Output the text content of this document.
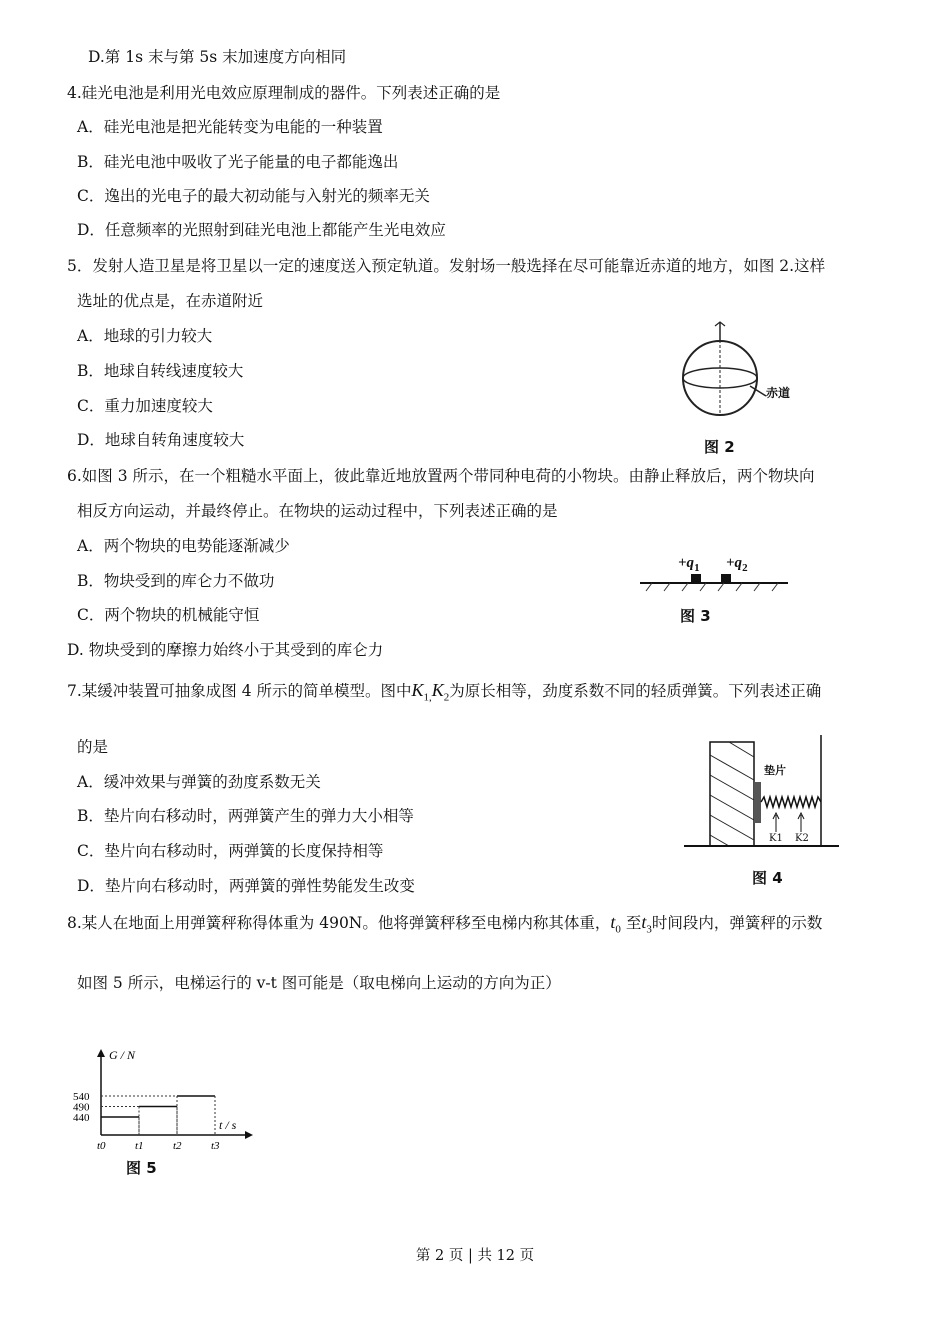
D.第 1s 末与第 5s 末加速度方向相同
4.硅光电池是利用光电效应原理制成的器件。下列表述正确的是
A．硅光电池是把光能转变为电能的一种装置
B．硅光电池中吸收了光子能量的电子都能逸出
C．逸出的光电子的最大初动能与入射光的频率无关
D．任意频率的光照射到硅光电池上都能产生光电效应
5．发射人造卫星是将卫星以一定的速度送入预定轨道。发射场一般选择在尽可能靠近赤道的地方，如图 2.这样
选址的优点是，在赤道附近
A．地球的引力较大
B．地球自转线速度较大
C．重力加速度较大
D．地球自转角速度较大
赤道
图 2
6.如图 3 所示，在一个粗糙水平面上，彼此靠近地放置两个带同种电荷的小物块。由静止释放后，两个物块向
相反方向运动，并最终停止。在物块的运动过程中，下列表述正确的是
A．两个物块的电势能逐渐减少
B．物块受到的库仑力不做功
C．两个物块的机械能守恒
D. 物块受到的摩擦力始终小于其受到的库仑力
$+q_1 +q_2$
图 3
7.某缓冲装置可抽象成图 4 所示的简单模型。图中$K_{1,}K_2$为原长相等，劲度系数不同的轻质弹簧。下列表述正确
的是
A．缓冲效果与弹簧的劲度系数无关
B．垫片向右移动时，两弹簧产生的弹力大小相等
C．垫片向右移动时，两弹簧的长度保持相等
D．垫片向右移动时，两弹簧的弹性势能发生改变
垫片
K1 K2
图 4
8.某人在地面上用弹簧秤称得体重为 490N。他将弹簧秤移至电梯内称其体重，$t_0$ 至$t_3$时间段内，弹簧秤的示数
如图 5 所示，电梯运行的 v-t 图可能是（取电梯向上运动的方向为正）
G / N
t / s
t0	t1	t2	t3
540
490
440
图 5
第 2 页 | 共 12 页
